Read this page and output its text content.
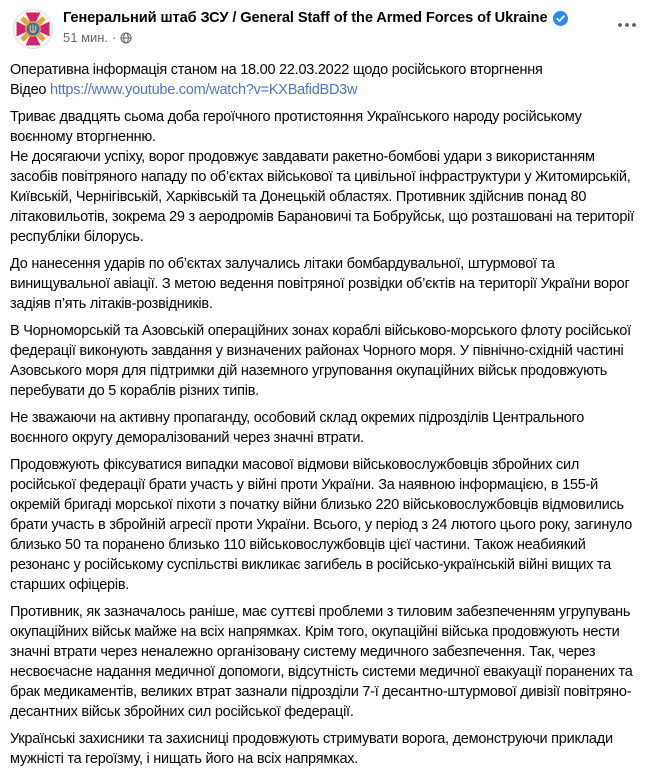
Генеральний штаб ЗСУ / General Staff of the Armed Forces of Ukraine
51 мин. ·
Оперативна інформація станом на 18.00 22.03.2022 щодо російського вторгнення
Відео https://www.youtube.com/watch?v=KXBafidBD3w
Триває двадцять сьома доба героїчного протистояння Українського народу російському воєнному вторгненню.
Не досягаючи успіху, ворог продовжує завдавати ракетно-бомбові удари з використанням засобів повітряного нападу по об’єктах військової та цивільної інфраструктури у Житомирській, Київській, Чернігівській, Харківській та Донецькій областях. Противник здійснив понад 80 літаковильотів, зокрема 29 з аеродромів Барановичі та Бобруйськ, що розташовані на території республіки білорусь.
До нанесення ударів по об’єктах залучались літаки бомбардувальної, штурмової та винищувальної авіації. З метою ведення повітряної розвідки об’єктів на території України ворог задіяв п’ять літаків-розвідників.
В Чорноморській та Азовській операційних зонах кораблі військово-морського флоту російської федерації виконують завдання у визначених районах Чорного моря. У північно-східній частині Азовського моря для підтримки дій наземного угруповання окупаційних військ продовжують перебувати до 5 кораблів різних типів.
Не зважаючи на активну пропаганду, особовий склад окремих підрозділів Центрального воєнного округу деморалізований через значні втрати.
Продовжують фіксуватися випадки масової відмови військовослужбовців збройних сил російської федерації брати участь у війні проти України. За наявною інформацією, в 155-й окремій бригаді морської піхоти з початку війни близько 220 військовослужбовців відмовились брати участь в збройній агресії проти України. Всього, у період з 24 лютого цього року, загинуло близько 50 та поранено близько 110 військовослужбовців цієї частини. Також неабиякий резонанс у російському суспільстві викликає загибель в російсько-українській війні вищих та старших офіцерів.
Противник, як зазначалось раніше, має суттєві проблеми з тиловим забезпеченням угрупувань окупаційних військ майже на всіх напрямках. Крім того, окупаційні війська продовжують нести значні втрати через неналежно організовану систему медичного забезпечення. Так, через несвоєчасне надання медичної допомоги, відсутність системи медичної евакуації поранених та брак медикаментів, великих втрат зазнали підрозділи 7-ї десантно-штурмової дивізії повітряно-десантних військ збройних сил російської федерації.
Українські захисники та захисниці продовжують стримувати ворога, демонструючи приклади мужністі та героїзму, і нищать його на всіх напрямках.
